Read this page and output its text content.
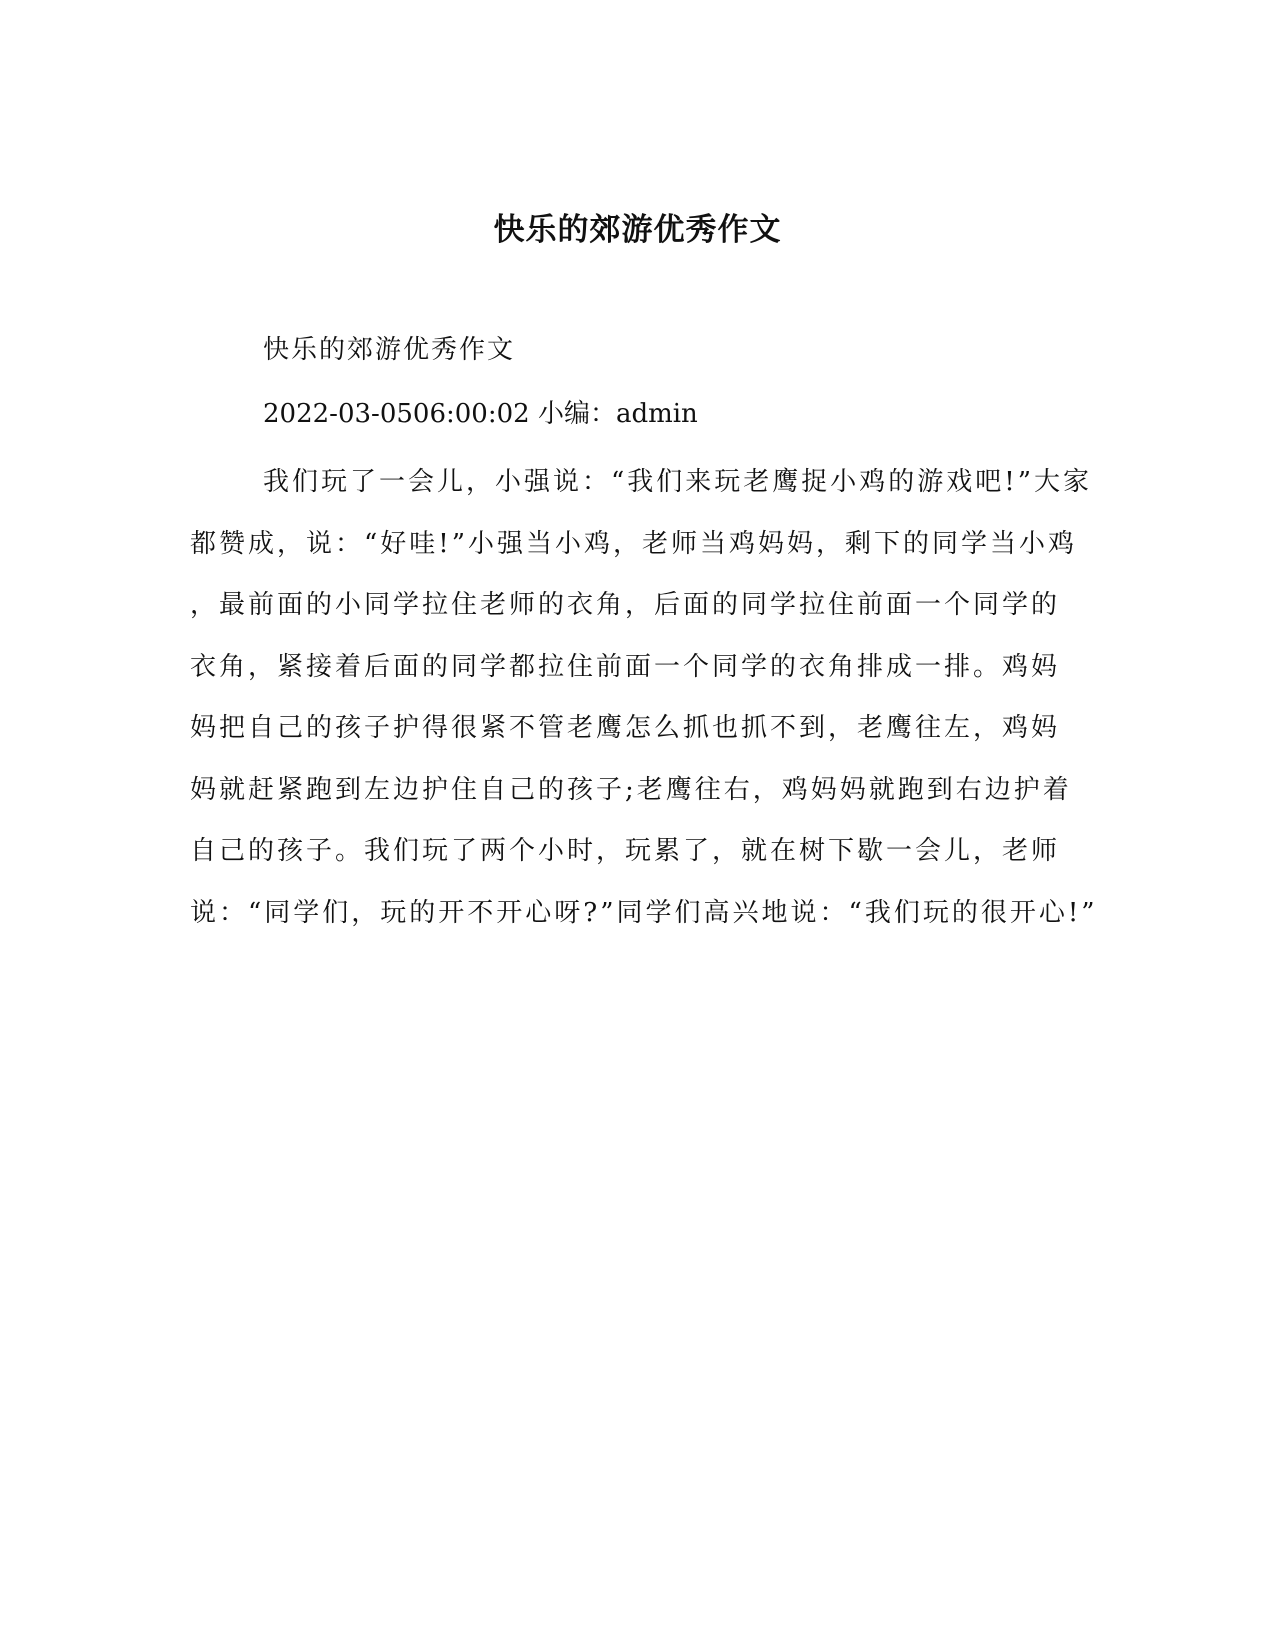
快乐的郊游优秀作文

快乐的郊游优秀作文

2022-03-0506:00:02 小编：admin

我们玩了一会儿，小强说：“我们来玩老鹰捉小鸡的游戏吧!”大家
都赞成，说：“好哇!”小强当小鸡，老师当鸡妈妈，剩下的同学当小鸡
，最前面的小同学拉住老师的衣角，后面的同学拉住前面一个同学的
衣角，紧接着后面的同学都拉住前面一个同学的衣角排成一排。鸡妈
妈把自己的孩子护得很紧不管老鹰怎么抓也抓不到，老鹰往左，鸡妈
妈就赶紧跑到左边护住自己的孩子;老鹰往右，鸡妈妈就跑到右边护着
自己的孩子。我们玩了两个小时，玩累了，就在树下歇一会儿，老师
说：“同学们，玩的开不开心呀?”同学们高兴地说：“我们玩的很开心!”
